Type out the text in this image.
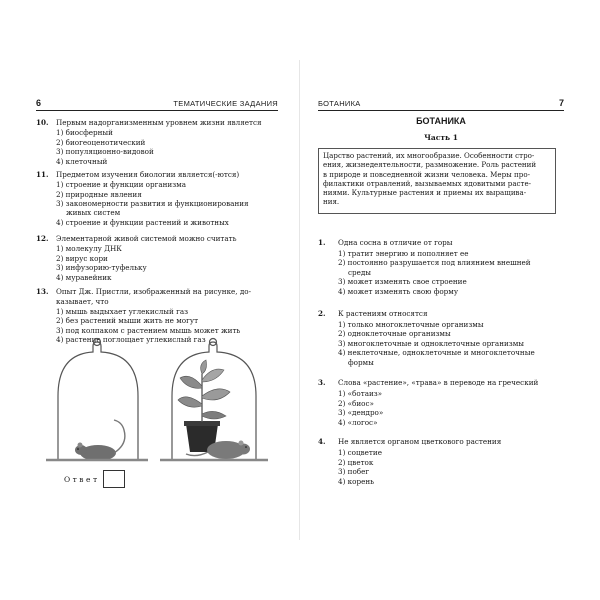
6	ТЕМАТИЧЕСКИЕ ЗАДАНИЯ
10. Первым надорганизменным уровнем жизни является
1) биосферный
2) биогеоценотический
3) популяционно-видовой
4) клеточный
11. Предметом изучения биологии является(-ются)
1) строение и функции организма
2) природные явления
3) закономерности развития и функционирования
живых систем
4) строение и функции растений и животных
12. Элементарной живой системой можно считать
1) молекулу ДНК
2) вирус кори
3) инфузорию-туфельку
4) муравейник
13. Опыт Дж. Пристли, изображенный на рисунке, до-
казывает, что
1) мышь выдыхает углекислый газ
2) без растений мыши жить не могут
3) под колпаком с растением мышь может жить
4) растение поглощает углекислый газ
Ответ
БОТАНИКА	7
БОТАНИКА
Часть 1
Царство растений, их многообразие. Особенности стро-
ения, жизнедеятельности, размножение. Роль растений
в природе и повседневной жизни человека. Меры про-
филактики отравлений, вызываемых ядовитыми расте-
ниями. Культурные растения и приемы их выращива-
ния.
1. Одна сосна в отличие от горы
1) тратит энергию и пополняет ее
2) постоянно разрушается под влиянием внешней
среды
3) может изменять свое строение
4) может изменять свою форму
2. К растениям относятся
1) только многоклеточные организмы
2) одноклеточные организмы
3) многоклеточные и одноклеточные организмы
4) неклеточные, одноклеточные и многоклеточные
формы
3. Слова «растение», «трава» в переводе на греческий
1) «ботаиз»
2) «биос»
3) «дендро»
4) «логос»
4. Не является органом цветкового растения
1) соцветие
2) цветок
3) побег
4) корень
